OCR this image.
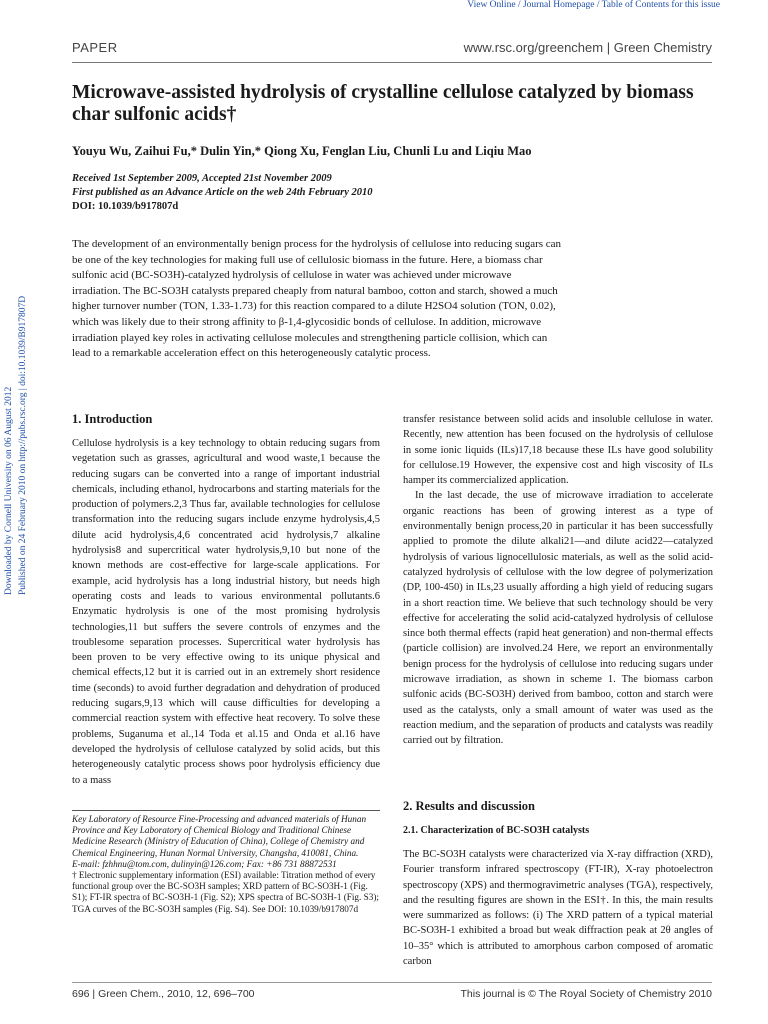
View Online / Journal Homepage / Table of Contents for this issue
PAPER	www.rsc.org/greenchem | Green Chemistry
Microwave-assisted hydrolysis of crystalline cellulose catalyzed by biomass char sulfonic acids†
Youyu Wu, Zaihui Fu,* Dulin Yin,* Qiong Xu, Fenglan Liu, Chunli Lu and Liqiu Mao
Received 1st September 2009, Accepted 21st November 2009
First published as an Advance Article on the web 24th February 2010
DOI: 10.1039/b917807d
The development of an environmentally benign process for the hydrolysis of cellulose into reducing sugars can be one of the key technologies for making full use of cellulosic biomass in the future. Here, a biomass char sulfonic acid (BC-SO3H)-catalyzed hydrolysis of cellulose in water was achieved under microwave irradiation. The BC-SO3H catalysts prepared cheaply from natural bamboo, cotton and starch, showed a much higher turnover number (TON, 1.33-1.73) for this reaction compared to a dilute H2SO4 solution (TON, 0.02), which was likely due to their strong affinity to β-1,4-glycosidic bonds of cellulose. In addition, microwave irradiation played key roles in activating cellulose molecules and strengthening particle collision, which can lead to a remarkable acceleration effect on this heterogeneously catalytic process.
Downloaded by Cornell University on 06 August 2012 Published on 24 February 2010 on http://pubs.rsc.org | doi:10.1039/B917807D	1. Introduction

Cellulose hydrolysis is a key technology to obtain reducing sugars from vegetation such as grasses, agricultural and wood waste,1 because the reducing sugars can be converted into a range of important industrial chemicals, including ethanol, hydrocarbons and starting materials for the production of polymers.2,3 Thus far, available technologies for cellulose transformation into the reducing sugars include enzyme hydrolysis,4,5 dilute acid hydrolysis,4,6 concentrated acid hydrolysis,7 alkaline hydrolysis8 and supercritical water hydrolysis,9,10 but none of the known methods are cost-effective for large-scale applications. For example, acid hydrolysis has a long industrial history, but needs high operating costs and leads to various environmental pollutants.6 Enzymatic hydrolysis is one of the most promising hydrolysis technologies,11 but suffers the severe controls of enzymes and the troublesome separation processes. Supercritical water hydrolysis has been proven to be very effective owing to its unique physical and chemical effects,12 but it is carried out in an extremely short residence time (seconds) to avoid further degradation and dehydration of produced reducing sugars,9,13 which will cause difficulties for developing a commercial reaction system with effective heat recovery. To solve these problems, Suganuma et al.,14 Toda et al.15 and Onda et al.16 have developed the hydrolysis of cellulose catalyzed by solid acids, but this heterogeneously catalytic process shows poor hydrolysis efficiency due to a mass

Key Laboratory of Resource Fine-Processing and advanced materials of Hunan Province and Key Laboratory of Chemical Biology and Traditional Chinese Medicine Research (Ministry of Education of China), College of Chemistry and Chemical Engineering, Hunan Normal University, Changsha, 410081, China.
E-mail: fzhhnu@tom.com, dulinyin@126.com; Fax: +86 731 88872531
† Electronic supplementary information (ESI) available: Titration method of every functional group over the BC-SO3H samples; XRD pattern of BC-SO3H-1 (Fig. S1); FT-IR spectra of BC-SO3H-1 (Fig. S2); XPS spectra of BC-SO3H-1 (Fig. S3); TGA curves of the BC-SO3H samples (Fig. S4). See DOI: 10.1039/b917807d

transfer resistance between solid acids and insoluble cellulose in water. Recently, new attention has been focused on the hydrolysis of cellulose in some ionic liquids (ILs)17,18 because these ILs have good solubility for cellulose.19 However, the expensive cost and high viscosity of ILs hamper its commercialized application.

In the last decade, the use of microwave irradiation to accelerate organic reactions has been of growing interest as a type of environmentally benign process,20 in particular it has been successfully applied to promote the dilute alkali21—and dilute acid22—catalyzed hydrolysis of various lignocellulosic materials, as well as the solid acid-catalyzed hydrolysis of cellulose with the low degree of polymerization (DP, 100-450) in ILs,23 usually affording a high yield of reducing sugars in a short reaction time. We believe that such technology should be very effective for accelerating the solid acid-catalyzed hydrolysis of cellulose since both thermal effects (rapid heat generation) and non-thermal effects (particle collision) are involved.24 Here, we report an environmentally benign process for the hydrolysis of cellulose into reducing sugars under microwave irradiation, as shown in scheme 1. The biomass carbon sulfonic acids (BC-SO3H) derived from bamboo, cotton and starch were used as the catalysts, only a small amount of water was used as the reaction medium, and the separation of products and catalysts was readily carried out by filtration.

2. Results and discussion
2.1. Characterization of BC-SO3H catalysts

The BC-SO3H catalysts were characterized via X-ray diffraction (XRD), Fourier transform infrared spectroscopy (FT-IR), X-ray photoelectron spectroscopy (XPS) and thermogravimetric analyses (TGA), respectively, and the resulting figures are shown in the ESI†. In this, the main results were summarized as follows: (i) The XRD pattern of a typical material BC-SO3H-1 exhibited a broad but weak diffraction peak at 2θ angles of 10–35° which is attributed to amorphous carbon composed of aromatic carbon

696 | Green Chem., 2010, 12, 696–700	This journal is © The Royal Society of Chemistry 2010
